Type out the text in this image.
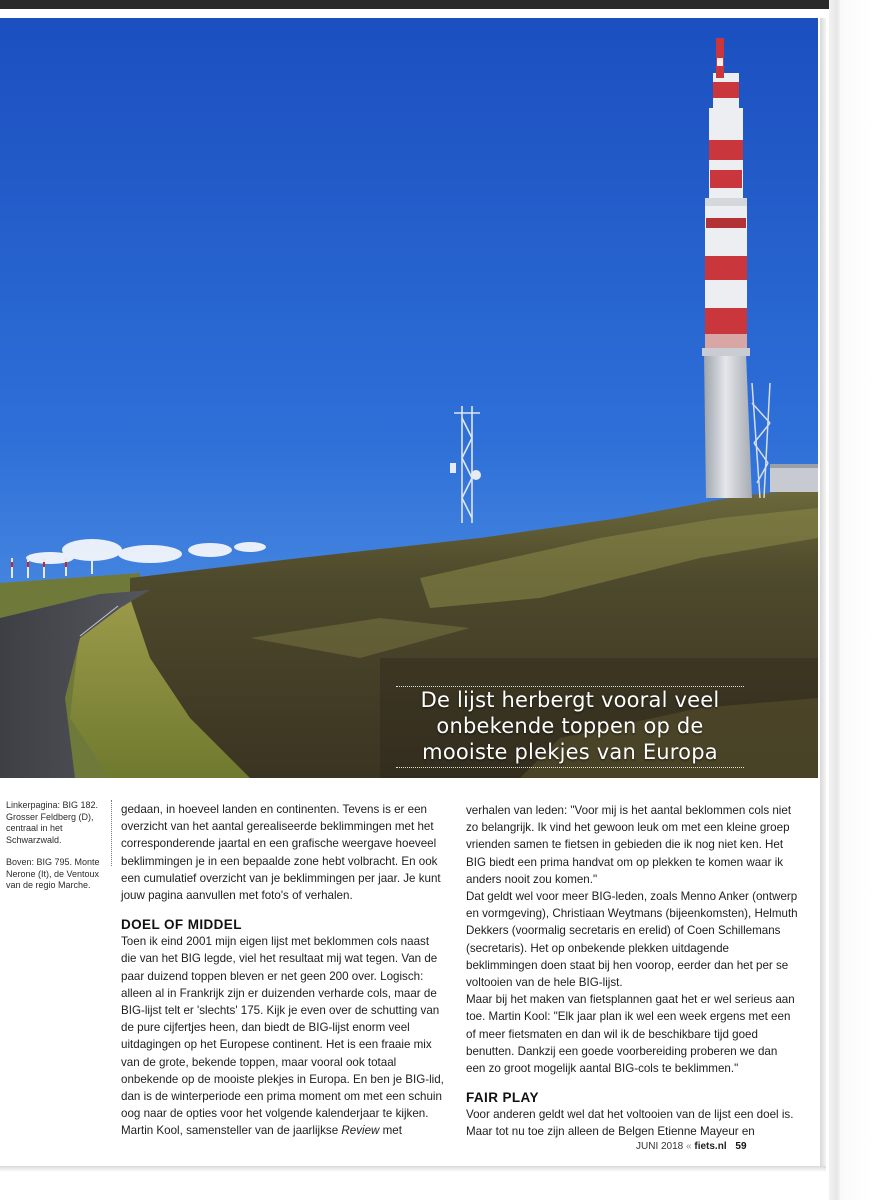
De lijst herbergt vooral veel
onbekende toppen op de
mooiste plekjes van Europa

Linkerpagina: BIG 182. Grosser Feldberg (D), centraal in het Schwarzwald.

Boven: BIG 795. Monte Nerone (It), de Ventoux van de regio Marche.

gedaan, in hoeveel landen en continenten. Tevens is er een overzicht van het aantal gerealiseerde beklimmingen met het corresponderende jaartal en een grafische weergave hoeveel beklimmingen je in een bepaalde zone hebt volbracht. En ook een cumulatief overzicht van je beklimmingen per jaar. Je kunt jouw pagina aanvullen met foto's of verhalen.

DOEL OF MIDDEL

Toen ik eind 2001 mijn eigen lijst met beklommen cols naast die van het BIG legde, viel het resultaat mij wat tegen. Van de paar duizend toppen bleven er net geen 200 over. Logisch: alleen al in Frankrijk zijn er duizenden verharde cols, maar de BIG-lijst telt er 'slechts' 175. Kijk je even over de schutting van de pure cijfertjes heen, dan biedt de BIG-lijst enorm veel uitdagingen op het Europese continent. Het is een fraaie mix van de grote, bekende toppen, maar vooral ook totaal onbekende op de mooiste plekjes in Europa. En ben je BIG-lid, dan is de winterperiode een prima moment om met een schuin oog naar de opties voor het volgende kalenderjaar te kijken. Martin Kool, samensteller van de jaarlijkse Review met

verhalen van leden: "Voor mij is het aantal beklommen cols niet zo belangrijk. Ik vind het gewoon leuk om met een kleine groep vrienden samen te fietsen in gebieden die ik nog niet ken. Het BIG biedt een prima handvat om op plekken te komen waar ik anders nooit zou komen."

Dat geldt wel voor meer BIG-leden, zoals Menno Anker (ontwerp en vormgeving), Christiaan Weytmans (bijeenkomsten), Helmuth Dekkers (voormalig secretaris en erelid) of Coen Schillemans (secretaris). Het op onbekende plekken uitdagende beklimmingen doen staat bij hen voorop, eerder dan het per se voltooien van de hele BIG-lijst.

Maar bij het maken van fietsplannen gaat het er wel serieus aan toe. Martin Kool: "Elk jaar plan ik wel een week ergens met een of meer fietsmaten en dan wil ik de beschikbare tijd goed benutten. Dankzij een goede voorbereiding proberen we dan een zo groot mogelijk aantal BIG-cols te beklimmen."

FAIR PLAY

Voor anderen geldt wel dat het voltooien van de lijst een doel is. Maar tot nu toe zijn alleen de Belgen Etienne Mayeur en

JUNI 2018 « fiets.nl 59
